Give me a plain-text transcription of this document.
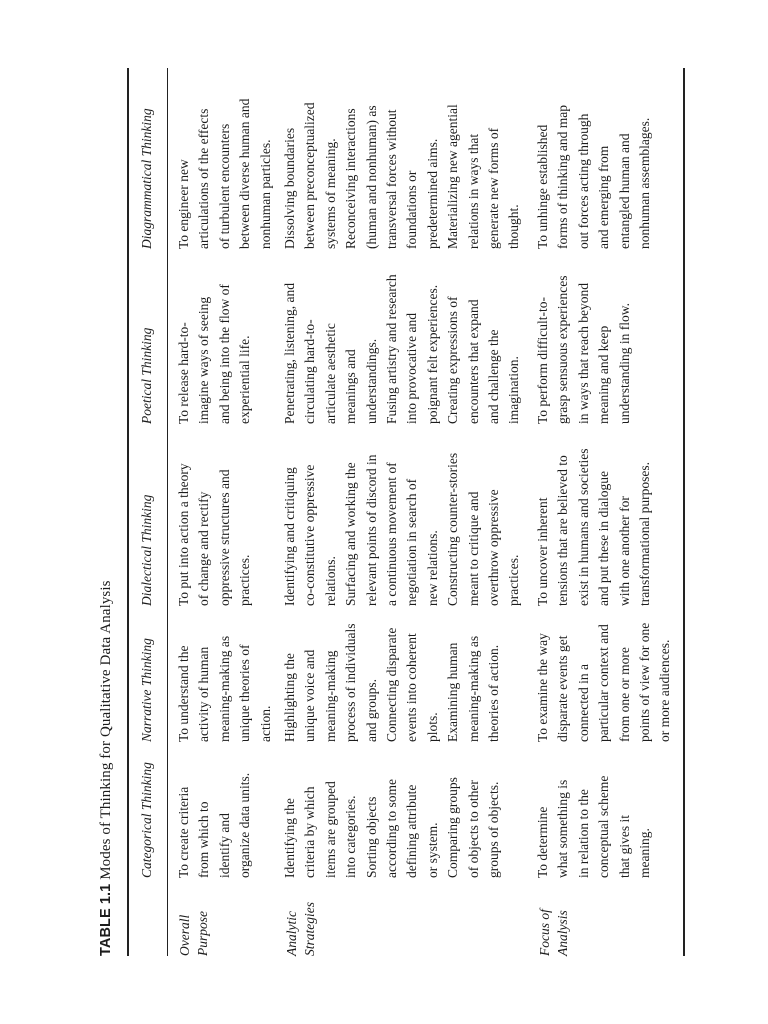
TABLE 1.1 Modes of Thinking for Qualitative Data Analysis Categorical Thinking
Narrative Thinking
Dialectical Thinking
Poetical Thinking
Diagrammatical Thinking
Overall Purpose
To create criteria
from which to
identify and
organize data units.
To understand the
activity of human
meaning-making as
unique theories of
action.
To put into action a theory
of change and rectify
oppressive structures and
practices.
To release hard-to-
imagine ways of seeing
and being into the flow of
experiential life.
To engineer new
articulations of the effects
of turbulent encounters
between diverse human and
nonhuman particles.
Analytic Strategies
Identifying the
criteria by which
items are grouped
into categories.
Sorting objects
according to some
defining attribute
or system.
Comparing groups
of objects to other
groups of objects.
Highlighting the
unique voice and
meaning-making
process of individuals
and groups.
Connecting disparate
events into coherent
plots.
Examining human
meaning-making as
theories of action.
Identifying and critiquing
co-constitutive oppressive
relations.
Surfacing and working the
relevant points of discord in
a continuous movement of
negotiation in search of
new relations.
Constructing counter-stories
meant to critique and
overthrow oppressive
practices.
Penetrating, listening, and
circulating hard-to-
articulate aesthetic
meanings and
understandings.
Fusing artistry and research
into provocative and
poignant felt experiences.
Creating expressions of
encounters that expand
and challenge the
imagination.
Dissolving boundaries
between preconceptualized
systems of meaning.
Reconceiving interactions
(human and nonhuman) as
transversal forces without
foundations or
predetermined aims.
Materializing new agential
relations in ways that
generate new forms of
thought.
Focus of Analysis
To determine
what something is
in relation to the
conceptual scheme
that gives it
meaning.
To examine the way
disparate events get
connected in a
particular context and
from one or more
points of view for one
or more audiences.
To uncover inherent
tensions that are believed to
exist in humans and societies
and put these in dialogue
with one another for
transformational purposes.
To perform difficult-to-
grasp sensuous experiences
in ways that reach beyond
meaning and keep
understanding in flow.
To unhinge established
forms of thinking and map
out forces acting through
and emerging from
entangled human and
nonhuman assemblages.
